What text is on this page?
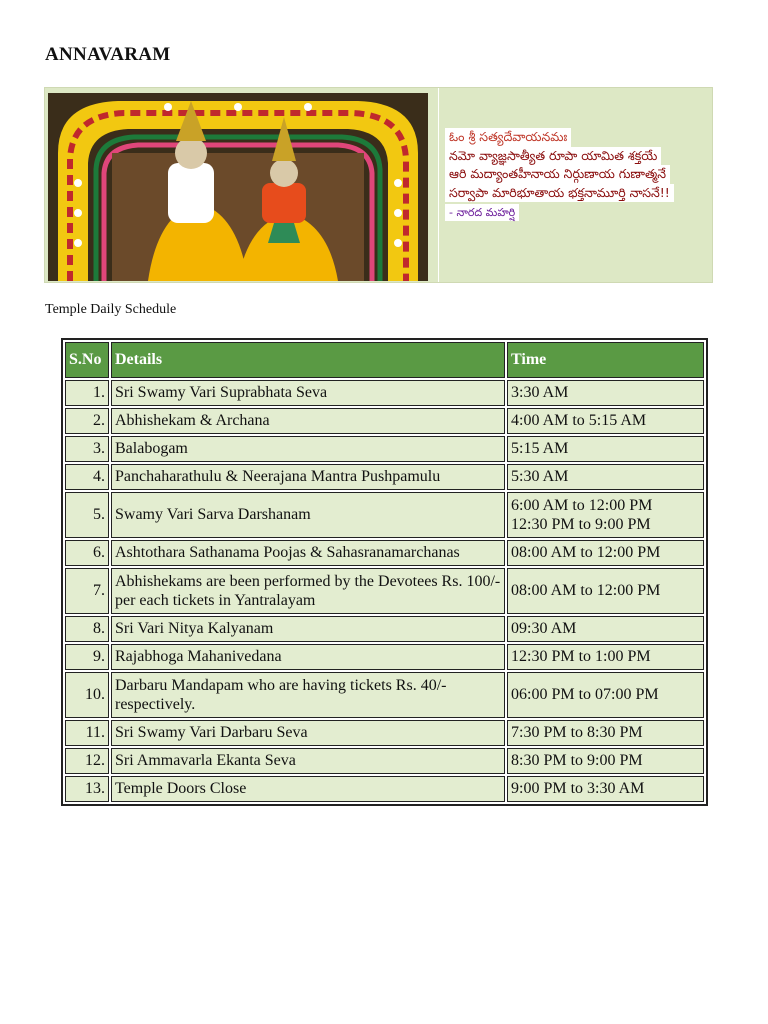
ANNAVARAM
ఓం శ్రీ సత్యదేవాయనమః
నమో వ్యాజ్ఞసాత్యీత రూపా యామిత శక్తయే
ఆరి మద్యాంతహీనాయ నిర్గుణాయ గుణాత్మనే
సర్వాపా మారిభూతాయ భక్తనామూర్తి నాసనే!!
- నారద మహర్షి
Temple Daily Schedule
S.No	Details	Time
1.	Sri Swamy Vari Suprabhata Seva	3:30 AM
2.	Abhishekam & Archana	4:00 AM to 5:15 AM
3.	Balabogam	5:15 AM
4.	Panchaharathulu & Neerajana Mantra Pushpamulu	5:30 AM
5.	Swamy Vari Sarva Darshanam	6:00 AM to 12:00 PM
12:30 PM to 9:00 PM
6.	Ashtothara Sathanama Poojas & Sahasranamarchanas	08:00 AM to 12:00 PM
7.	Abhishekams are been performed by the Devotees Rs. 100/- per each tickets in Yantralayam	08:00 AM to 12:00 PM
8.	Sri Vari Nitya Kalyanam	09:30 AM
9.	Rajabhoga Mahanivedana	12:30 PM to 1:00 PM
10.	Darbaru Mandapam who are having tickets Rs. 40/- respectively.	06:00 PM to 07:00 PM
11.	Sri Swamy Vari Darbaru Seva	7:30 PM to 8:30 PM
12.	Sri Ammavarla Ekanta Seva	8:30 PM to 9:00 PM
13.	Temple Doors Close	9:00 PM to 3:30 AM
